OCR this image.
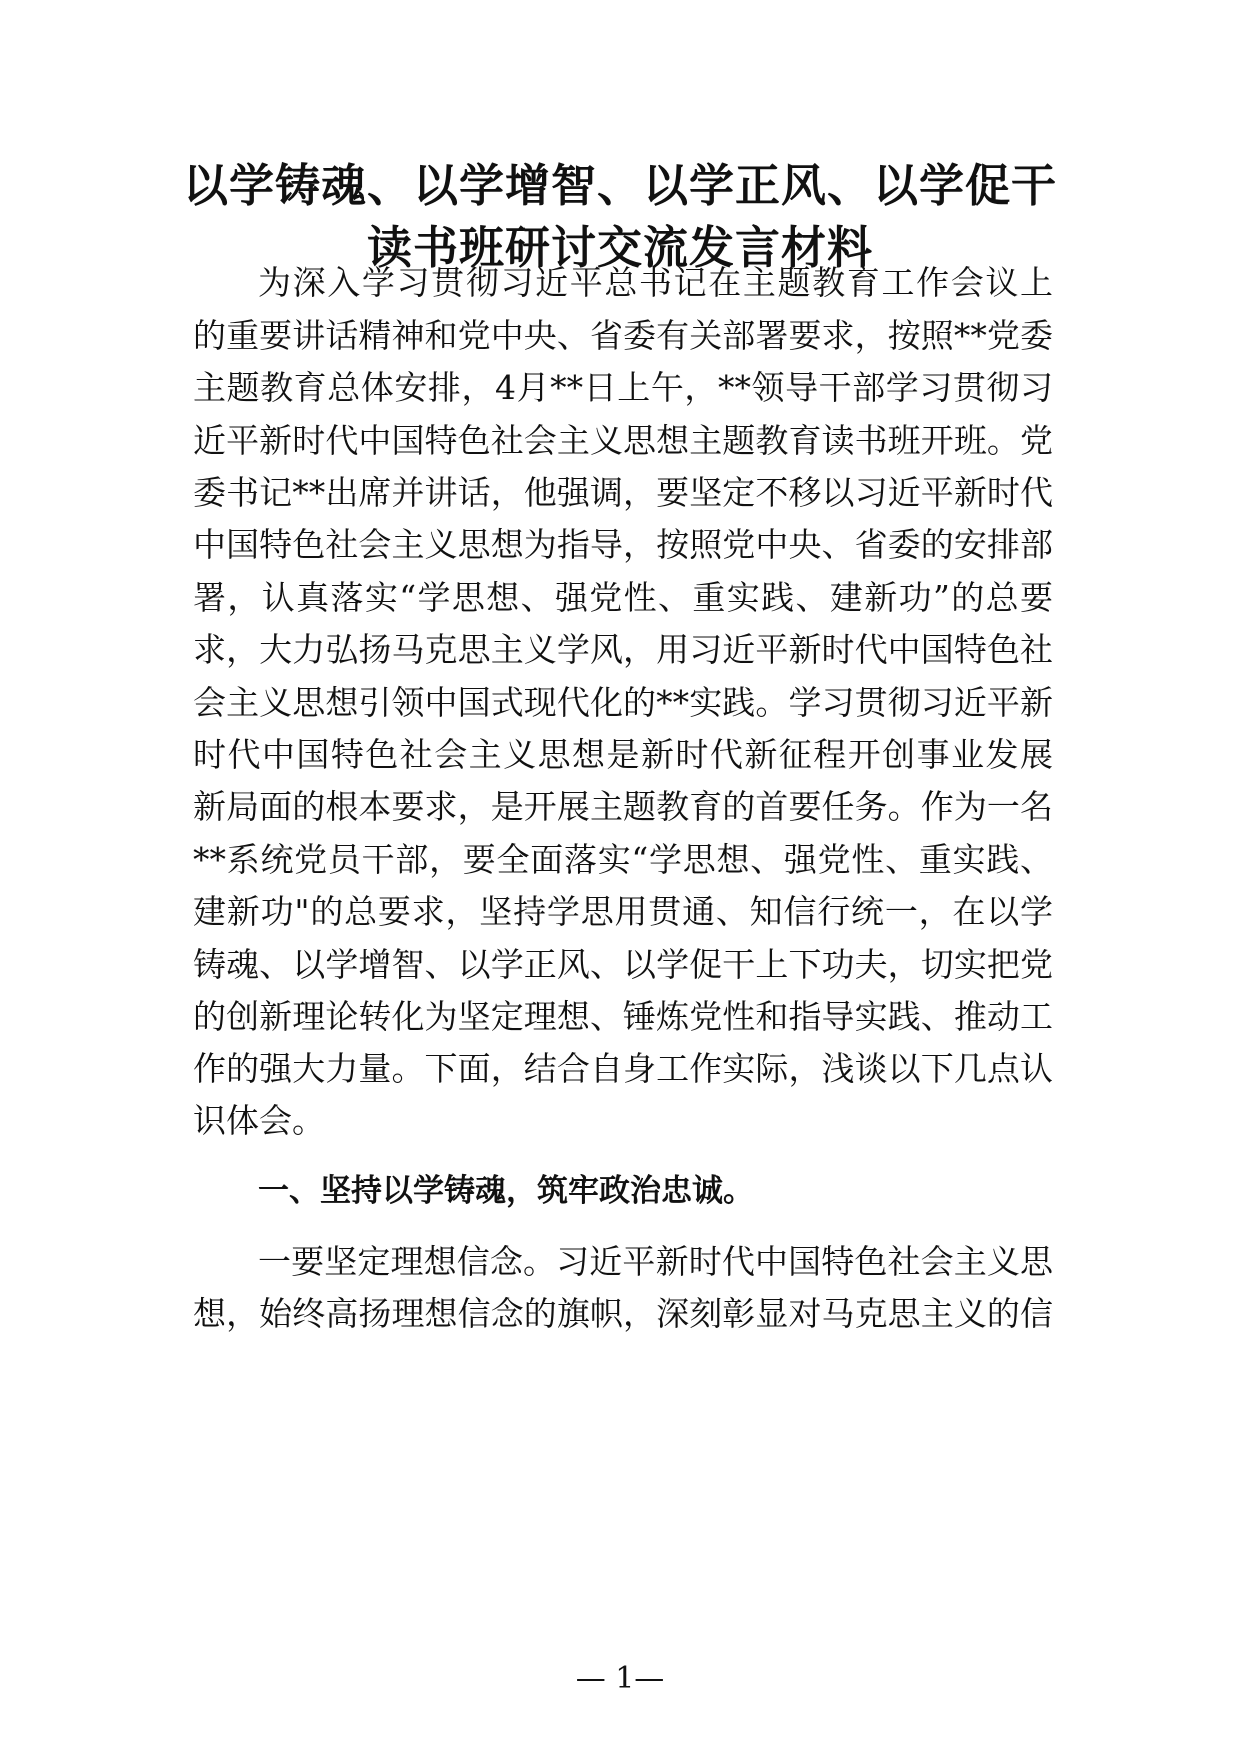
以学铸魂、以学增智、以学正风、以学促干
读书班研讨交流发言材料
为深入学习贯彻习近平总书记在主题教育工作会议上
的重要讲话精神和党中央、省委有关部署要求，按照**党委
主题教育总体安排，4月**日上午，**领导干部学习贯彻习
近平新时代中国特色社会主义思想主题教育读书班开班。党
委书记**出席并讲话，他强调，要坚定不移以习近平新时代
中国特色社会主义思想为指导，按照党中央、省委的安排部
署，认真落实“学思想、强党性、重实践、建新功”的总要
求，大力弘扬马克思主义学风，用习近平新时代中国特色社
会主义思想引领中国式现代化的**实践。学习贯彻习近平新
时代中国特色社会主义思想是新时代新征程开创事业发展
新局面的根本要求，是开展主题教育的首要任务。作为一名
**系统党员干部，要全面落实“学思想、强党性、重实践、
建新功"的总要求，坚持学思用贯通、知信行统一，在以学
铸魂、以学增智、以学正风、以学促干上下功夫，切实把党
的创新理论转化为坚定理想、锤炼党性和指导实践、推动工
作的强大力量。下面，结合自身工作实际，浅谈以下几点认
识体会。
一、坚持以学铸魂，筑牢政治忠诚。
一要坚定理想信念。习近平新时代中国特色社会主义思
想，始终高扬理想信念的旗帜，深刻彰显对马克思主义的信
— 1—
